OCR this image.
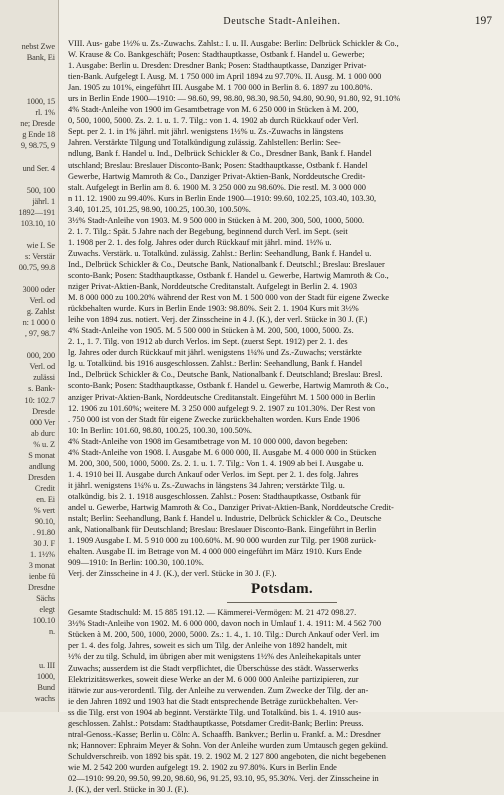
nebst Zwe
Bank, Ei

1000, 15
rl. 1%
ne; Dresde
g Ende 18
9, 98.75, 9

und Ser. 4

500, 100
jährl. 1
1892—191
103.10, 10

wie I. Se
s: Verstär
00.75, 99.8

3000 oder
Verl. od
g. Zahlst
n: 1 000 0
, 97, 98.7

000, 200
Verl. od
zulässi
s. Bank-
10: 102.7
Dresde
000 Ver
ab durc
% u. Z
S monat
andlung
Dresden
Credit
en. Ei
% vert
90.10,
. 91.80
30 J. F
1. 1½%
3 monat
ienbe fü
Dresdne
Sächs
elegt
100.10
n.

u. III
1000,
Bund
wachs
Deutsche Stadt-Anleihen.	197
VIII. Aus- gabe 1½% u. Zs.-Zuwachs. Zahlst.: I. u. II. Ausgabe: Berlin: Delbrück Schickler & Co.,
W. Krause & Co. Bankgeschäft; Posen: Stadthauptkasse, Ostbank f. Handel u. Gewerbe;
1. Ausgabe: Berlin u. Dresden: Dresdner Bank; Posen: Stadthauptkasse, Danziger Privat-
tien-Bank. Aufgelegt I. Ausg. M. 1 750 000 im April 1894 zu 97.70%. II. Ausg. M. 1 000 000
Jan. 1905 zu 101%, eingeführt III. Ausgabe M. 1 700 000 in Berlin 8. 6. 1897 zu 100.80%.
urs in Berlin Ende 1900—1910: — 98.60, 99, 98.80, 98.30, 98.50, 94.80, 90.90, 91.80, 92, 91.10%
4% Stadt-Anleihe von 1900 im Gesamtbetrage von M. 6 250 000 in Stücken à M. 200,
0, 500, 1000, 5000. Zs. 2. 1. u. 1. 7. Tilg.: von 1. 4. 1902 ab durch Rückkauf oder Verl.
Sept. per 2. 1. in 1% jährl. mit jährl. wenigstens 1½% u. Zs.-Zuwachs in längstens
Jahren. Verstärkte Tilgung und Totalkündigung zulässig. Zahlstellen: Berlin: See-
ndlung, Bank f. Handel u. Ind., Delbrück Schickler & Co., Dresdner Bank, Bank f. Handel
utschland; Breslau: Breslauer Disconto-Bank; Posen: Stadthauptkasse, Ostbank f. Handel
Gewerbe, Hartwig Mamroth & Co., Danziger Privat-Aktien-Bank, Norddeutsche Credit-
stalt. Aufgelegt in Berlin am 8. 6. 1900 M. 3 250 000 zu 98.60%. Die restl. M. 3 000 000
n 11. 12. 1900 zu 99.40%. Kurs in Berlin Ende 1900—1910: 99.60, 102.25, 103.40, 103.30,
3.40, 101.25, 101.25, 98.90, 100.25, 100.30, 100.50%.
3½% Stadt-Anleihe von 1903. M. 9 500 000 in Stücken à M. 200, 300, 500, 1000, 5000.
2. 1. 7. Tilg.: Spät. 5 Jahre nach der Begebung, beginnend durch Verl. im Sept. (seit
1. 1908 per 2. 1. des folg. Jahres oder durch Rückkauf mit jährl. mind. 1½% u.
Zuwachs. Verstärk. u. Totalkünd. zulässig. Zahlst.: Berlin: Seehandlung, Bank f. Handel u.
Ind., Delbrück Schickler & Co., Deutsche Bank, Nationalbank f. Deutschl.; Breslau: Breslauer
sconto-Bank; Posen: Stadthauptkasse, Ostbank f. Handel u. Gewerbe, Hartwig Mamroth & Co.,
nziger Privat-Aktien-Bank, Norddeutsche Creditanstalt. Aufgelegt in Berlin 2. 4. 1903
M. 8 000 000 zu 100.20% während der Rest von M. 1 500 000 von der Stadt für eigene Zwecke
rückbehalten wurde. Kurs in Berlin Ende 1903: 98.80%. Seit 2. 1. 1904 Kurs mit 3½%
leihe von 1894 zus. notiert. Verj. der Zinsscheine in 4 J. (K.), der verl. Stücke in 30 J. (F.)
4% Stadt-Anleihe von 1905. M. 5 500 000 in Stücken à M. 200, 500, 1000, 5000. Zs.
2. 1., 1. 7. Tilg. von 1912 ab durch Verlos. im Sept. (zuerst Sept. 1912) per 2. 1. des
lg. Jahres oder durch Rückkauf mit jährl. wenigstens 1¼% und Zs.-Zuwachs; verstärkte
lg. u. Totalkünd. bis 1916 ausgeschlossen. Zahlst.: Berlin: Seehandlung, Bank f. Handel
Ind., Delbrück Schickler & Co., Deutsche Bank, Nationalbank f. Deutschland; Breslau: Bresl.
sconto-Bank; Posen: Stadthauptkasse, Ostbank f. Handel u. Gewerbe, Hartwig Mamroth & Co.,
anziger Privat-Aktien-Bank, Norddeutsche Creditanstalt. Eingeführt M. 1 500 000 in Berlin
12. 1906 zu 101.60%; weitere M. 3 250 000 aufgelegt 9. 2. 1907 zu 101.30%. Der Rest von
. 750 000 ist von der Stadt für eigene Zwecke zurückbehalten worden. Kurs Ende 1906
10: In Berlin: 101.60, 98.80, 100.25, 100.30, 100.50%.
4% Stadt-Anleihe von 1908 im Gesamtbetrage von M. 10 000 000, davon begeben:
4% Stadt-Anleihe von 1908. I. Ausgabe M. 6 000 000, II. Ausgabe M. 4 000 000 in Stücken
M. 200, 300, 500, 1000, 5000. Zs. 2. 1. u. 1. 7. Tilg.: Von 1. 4. 1909 ab bei I. Ausgabe u.
1. 4. 1910 bei II. Ausgabe durch Ankauf oder Verlos. im Sept. per 2. 1. des folg. Jahres
it jährl. wenigstens 1¼% u. Zs.-Zuwachs in längstens 34 Jahren; verstärkte Tilg. u.
otalkündig. bis 2. 1. 1918 ausgeschlossen. Zahlst.: Posen: Stadthauptkasse, Ostbank für
andel u. Gewerbe, Hartwig Mamroth & Co., Danziger Privat-Aktien-Bank, Norddeutsche Credit-
nstalt; Berlin: Seehandlung, Bank f. Handel u. Industrie, Delbrück Schickler & Co., Deutsche
ank, Nationalbank für Deutschland; Breslau: Breslauer Disconto-Bank. Eingeführt in Berlin
1. 1909 Ausgabe I. M. 5 910 000 zu 100.60%. M. 90 000 wurden zur Tilg. per 1908 zurück-
ehalten. Ausgabe II. im Betrage von M. 4 000 000 eingeführt im März 1910. Kurs Ende
909—1910: In Berlin: 100.30, 100.10%.
Verj. der Zinsscheine in 4 J. (K.), der verl. Stücke in 30 J. (F.).
Potsdam.
Gesamte Stadtschuld: M. 15 885 191.12. — Kämmerei-Vermögen: M. 21 472 098.27.
3½% Stadt-Anleihe von 1902. M. 6 000 000, davon noch in Umlauf 1. 4. 1911: M. 4 562 700
Stücken à M. 200, 500, 1000, 2000, 5000. Zs.: 1. 4., 1. 10. Tilg.: Durch Ankauf oder Verl. im
per 1. 4. des folg. Jahres, soweit es sich um Tilg. der Anleihe von 1892 handelt, mit
½% der zu tilg. Schuld, im übrigen aber mit wenigstens 1½% des Anleihekapitals unter
Zuwachs; ausserdem ist die Stadt verpflichtet, die Überschüsse des städt. Wasserwerks
Elektrizitätswerkes, soweit diese Werke an der M. 6 000 000 Anleihe partizipieren, zur
itätwie zur aus-verordentl. Tilg. der Anleihe zu verwenden. Zum Zwecke der Tilg. der an-
ie den Jahren 1892 und 1903 hat die Stadt entsprechende Beträge zurückbehalten. Ver-
ss die Tilg. erst von 1904 ab beginnt. Verstärkte Tilg. und Totalkünd. bis 1. 4. 1910 aus-
geschlossen. Zahlst.: Potsdam: Stadthauptkasse, Potsdamer Credit-Bank; Berlin: Preuss.
ntral-Genoss.-Kasse; Berlin u. Cöln: A. Schaaffh. Bankver.; Berlin u. Frankf. a. M.: Dresdner
nk; Hannover: Ephraim Meyer & Sohn. Von der Anleihe wurden zum Umtausch gegen gekünd.
Schuldverschreib. von 1892 bis spät. 19. 2. 1902 M. 2 127 800 angeboten, die nicht begebenen
wie M. 2 542 200 wurden aufgelegt 19. 2. 1902 zu 97.80%. Kurs in Berlin Ende
02—1910: 99.20, 99.50, 99.20, 98.60, 96, 91.25, 93.10, 95, 95.30%. Verj. der Zinsscheine in
J. (K.), der verl. Stücke in 30 J. (F.).
